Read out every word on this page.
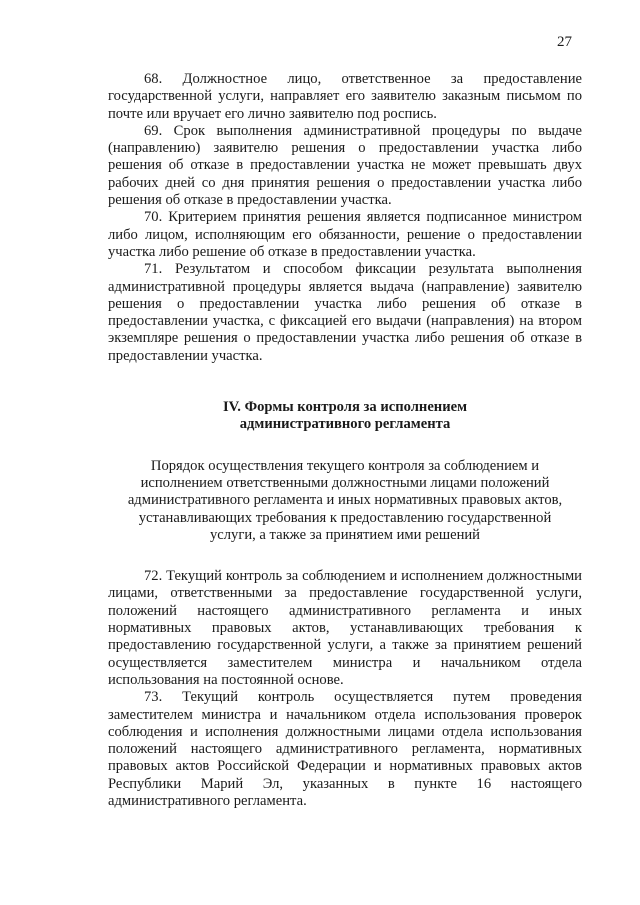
27

68. Должностное лицо, ответственное за предоставление государственной услуги, направляет его заявителю заказным письмом по почте или вручает его лично заявителю под роспись.

69. Срок выполнения административной процедуры по выдаче (направлению) заявителю решения о предоставлении участка либо решения об отказе в предоставлении участка не может превышать двух рабочих дней со дня принятия решения о предоставлении участка либо решения об отказе в предоставлении участка.

70. Критерием принятия решения является подписанное министром либо лицом, исполняющим его обязанности, решение о предоставлении участка либо решение об отказе в предоставлении участка.

71. Результатом и способом фиксации результата выполнения административной процедуры является выдача (направление) заявителю решения о предоставлении участка либо решения об отказе в предоставлении участка, с фиксацией его выдачи (направления) на втором экземпляре решения о предоставлении участка либо решения об отказе в предоставлении участка.

IV. Формы контроля за исполнением
административного регламента
Порядок осуществления текущего контроля за соблюдением и
исполнением ответственными должностными лицами положений
административного регламента и иных нормативных правовых актов,
устанавливающих требования к предоставлению государственной
услуги, а также за принятием ими решений

72. Текущий контроль за соблюдением и исполнением должностными лицами, ответственными за предоставление государственной услуги, положений настоящего административного регламента и иных нормативных правовых актов, устанавливающих требования к предоставлению государственной услуги, а также за принятием решений осуществляется заместителем министра и начальником отдела использования на постоянной основе.

73. Текущий контроль осуществляется путем проведения заместителем министра и начальником отдела использования проверок соблюдения и исполнения должностными лицами отдела использования положений настоящего административного регламента, нормативных правовых актов Российской Федерации и нормативных правовых актов Республики Марий Эл, указанных в пункте 16 настоящего административного регламента.
